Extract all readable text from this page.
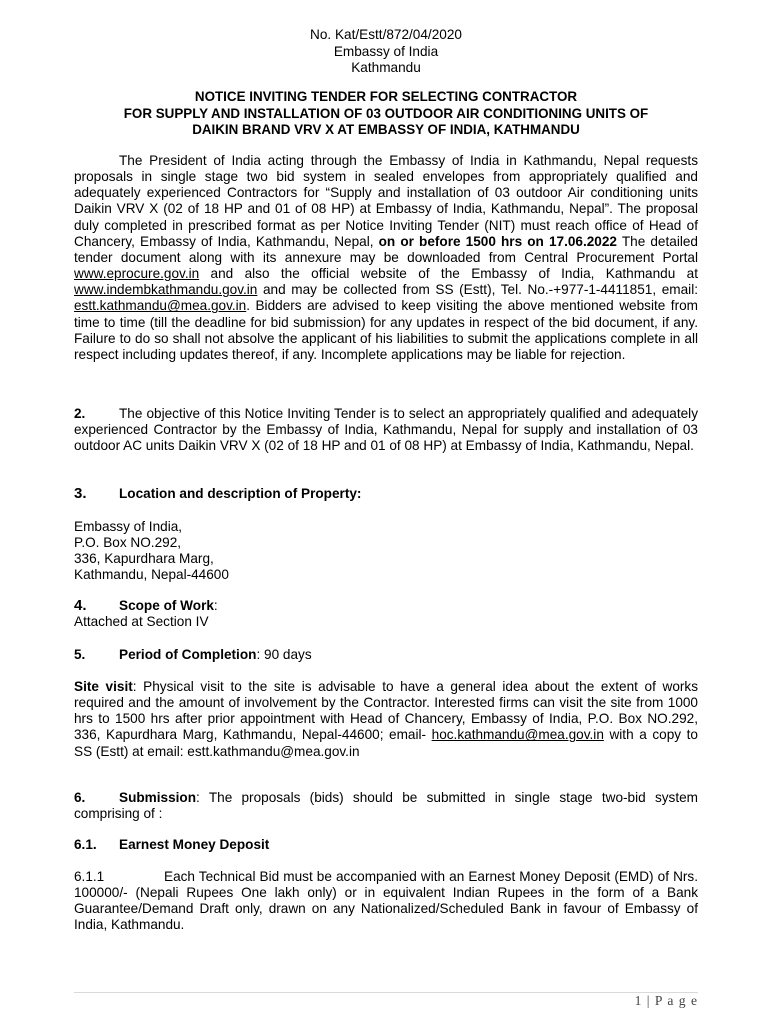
No. Kat/Estt/872/04/2020
Embassy of India
Kathmandu
NOTICE INVITING TENDER FOR SELECTING CONTRACTOR
FOR SUPPLY AND INSTALLATION OF 03 OUTDOOR AIR CONDITIONING UNITS OF
DAIKIN BRAND VRV X AT EMBASSY OF INDIA, KATHMANDU
The President of India acting through the Embassy of India in Kathmandu, Nepal requests proposals in single stage two bid system in sealed envelopes from appropriately qualified and adequately experienced Contractors for “Supply and installation of 03 outdoor Air conditioning units Daikin VRV X (02 of 18 HP and 01 of 08 HP) at Embassy of India, Kathmandu, Nepal”. The proposal duly completed in prescribed format as per Notice Inviting Tender (NIT) must reach office of Head of Chancery, Embassy of India, Kathmandu, Nepal, on or before 1500 hrs on 17.06.2022 The detailed tender document along with its annexure may be downloaded from Central Procurement Portal www.eprocure.gov.in and also the official website of the Embassy of India, Kathmandu at www.indembkathmandu.gov.in and may be collected from SS (Estt), Tel. No.-+977-1-4411851, email: estt.kathmandu@mea.gov.in. Bidders are advised to keep visiting the above mentioned website from time to time (till the deadline for bid submission) for any updates in respect of the bid document, if any. Failure to do so shall not absolve the applicant of his liabilities to submit the applications complete in all respect including updates thereof, if any. Incomplete applications may be liable for rejection.
2. The objective of this Notice Inviting Tender is to select an appropriately qualified and adequately experienced Contractor by the Embassy of India, Kathmandu, Nepal for supply and installation of 03 outdoor AC units Daikin VRV X (02 of 18 HP and 01 of 08 HP) at Embassy of India, Kathmandu, Nepal.
3. Location and description of Property:
Embassy of India,
P.O. Box NO.292,
336, Kapurdhara Marg,
Kathmandu, Nepal-44600
4. Scope of Work:
Attached at Section IV
5. Period of Completion: 90 days
Site visit: Physical visit to the site is advisable to have a general idea about the extent of works required and the amount of involvement by the Contractor. Interested firms can visit the site from 1000 hrs to 1500 hrs after prior appointment with Head of Chancery, Embassy of India, P.O. Box NO.292, 336, Kapurdhara Marg, Kathmandu, Nepal-44600; email- hoc.kathmandu@mea.gov.in with a copy to SS (Estt) at email: estt.kathmandu@mea.gov.in
6. Submission: The proposals (bids) should be submitted in single stage two-bid system comprising of :
6.1. Earnest Money Deposit
6.1.1	Each Technical Bid must be accompanied with an Earnest Money Deposit (EMD) of Nrs. 100000/- (Nepali Rupees One lakh only) or in equivalent Indian Rupees in the form of a Bank Guarantee/Demand Draft only, drawn on any Nationalized/Scheduled Bank in favour of Embassy of India, Kathmandu.
1 | P a g e
